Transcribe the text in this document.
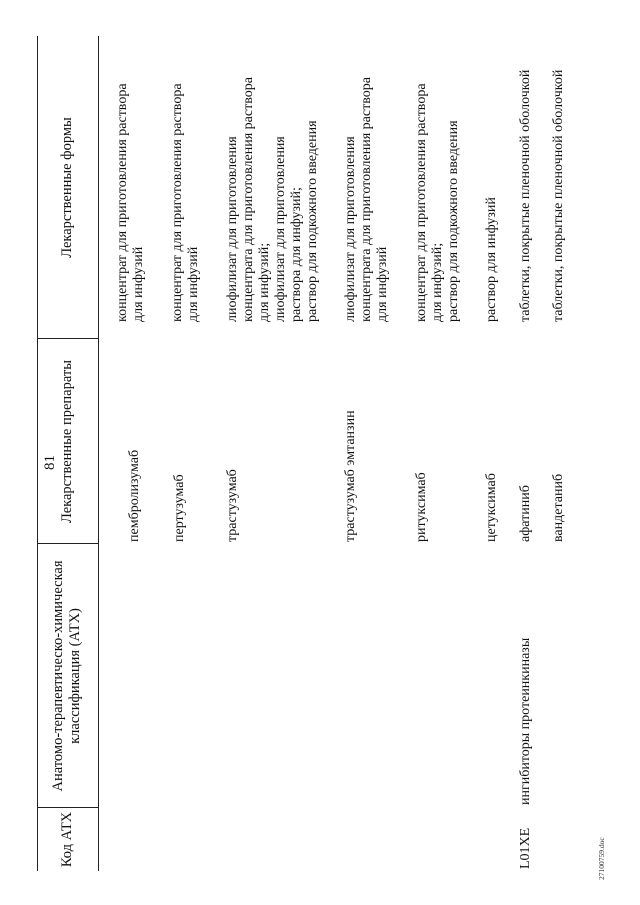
81
27100759.doc
Код АТХ
Анатомо-терапевтическо-химическая классификация (АТХ)
Лекарственные препараты
Лекарственные формы
пембролизумаб
концентрат для приготовления раствора для инфузий
пертузумаб
концентрат для приготовления раствора для инфузий
трастузумаб
лиофилизат для приготовления концентрата для приготовления раствора для инфузий; лиофилизат для приготовления раствора для инфузий; раствор для подкожного введения
трастузумаб эмтанзин
лиофилизат для приготовления концентрата для приготовления раствора для инфузий
ритуксимаб
концентрат для приготовления раствора для инфузий; раствор для подкожного введения
цетуксимаб
раствор для инфузий
L01XE
ингибиторы протеинкиназы
афатиниб
таблетки, покрытые пленочной оболочкой
вандетаниб
таблетки, покрытые пленочной оболочкой
